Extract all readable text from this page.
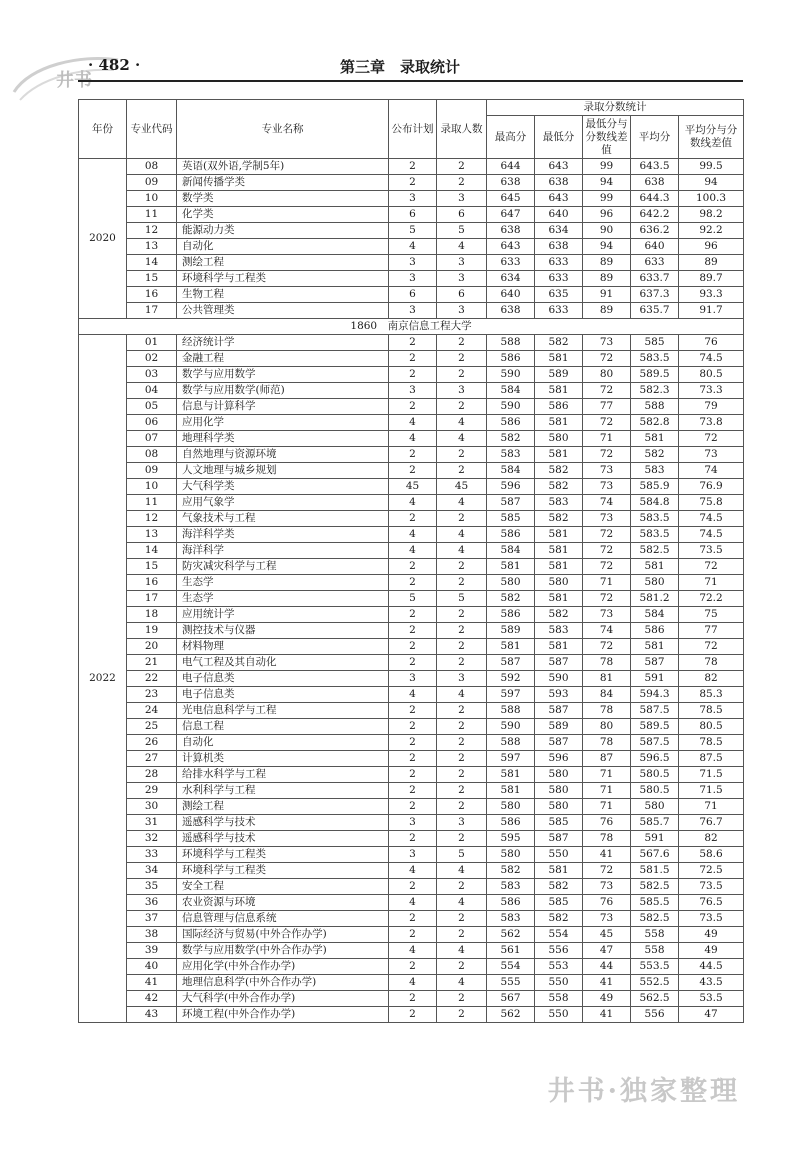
井书
· 482 ·	第三章　录取统计
年份	专业代码	专业名称	公布计划	录取人数	录取分数统计				
					最高分	最低分	最低分与分数线差值	平均分	平均分与分数线差值
2020	08	英语(双外语,学制5年)	2	2	644	643	99	643.5	99.5
	09	新闻传播学类	2	2	638	638	94	638	94
	10	数学类	3	3	645	643	99	644.3	100.3
	11	化学类	6	6	647	640	96	642.2	98.2
	12	能源动力类	5	5	638	634	90	636.2	92.2
	13	自动化	4	4	643	638	94	640	96
	14	测绘工程	3	3	633	633	89	633	89
	15	环境科学与工程类	3	3	634	633	89	633.7	89.7
	16	生物工程	6	6	640	635	91	637.3	93.3
	17	公共管理类	3	3	638	633	89	635.7	91.7
1860　南京信息工程大学									
2022	01	经济统计学	2	2	588	582	73	585	76
	02	金融工程	2	2	586	581	72	583.5	74.5
	03	数学与应用数学	2	2	590	589	80	589.5	80.5
	04	数学与应用数学(师范)	3	3	584	581	72	582.3	73.3
	05	信息与计算科学	2	2	590	586	77	588	79
	06	应用化学	4	4	586	581	72	582.8	73.8
	07	地理科学类	4	4	582	580	71	581	72
	08	自然地理与资源环境	2	2	583	581	72	582	73
	09	人文地理与城乡规划	2	2	584	582	73	583	74
	10	大气科学类	45	45	596	582	73	585.9	76.9
	11	应用气象学	4	4	587	583	74	584.8	75.8
	12	气象技术与工程	2	2	585	582	73	583.5	74.5
	13	海洋科学类	4	4	586	581	72	583.5	74.5
	14	海洋科学	4	4	584	581	72	582.5	73.5
	15	防灾减灾科学与工程	2	2	581	581	72	581	72
	16	生态学	2	2	580	580	71	580	71
	17	生态学	5	5	582	581	72	581.2	72.2
	18	应用统计学	2	2	586	582	73	584	75
	19	测控技术与仪器	2	2	589	583	74	586	77
	20	材料物理	2	2	581	581	72	581	72
	21	电气工程及其自动化	2	2	587	587	78	587	78
	22	电子信息类	3	3	592	590	81	591	82
	23	电子信息类	4	4	597	593	84	594.3	85.3
	24	光电信息科学与工程	2	2	588	587	78	587.5	78.5
	25	信息工程	2	2	590	589	80	589.5	80.5
	26	自动化	2	2	588	587	78	587.5	78.5
	27	计算机类	2	2	597	596	87	596.5	87.5
	28	给排水科学与工程	2	2	581	580	71	580.5	71.5
	29	水利科学与工程	2	2	581	580	71	580.5	71.5
	30	测绘工程	2	2	580	580	71	580	71
	31	遥感科学与技术	3	3	586	585	76	585.7	76.7
	32	遥感科学与技术	2	2	595	587	78	591	82
	33	环境科学与工程类	3	5	580	550	41	567.6	58.6
	34	环境科学与工程类	4	4	582	581	72	581.5	72.5
	35	安全工程	2	2	583	582	73	582.5	73.5
	36	农业资源与环境	4	4	586	585	76	585.5	76.5
	37	信息管理与信息系统	2	2	583	582	73	582.5	73.5
	38	国际经济与贸易(中外合作办学)	2	2	562	554	45	558	49
	39	数学与应用数学(中外合作办学)	4	4	561	556	47	558	49
	40	应用化学(中外合作办学)	2	2	554	553	44	553.5	44.5
	41	地理信息科学(中外合作办学)	4	4	555	550	41	552.5	43.5
	42	大气科学(中外合作办学)	2	2	567	558	49	562.5	53.5
	43	环境工程(中外合作办学)	2	2	562	550	41	556	47
井书·独家整理
